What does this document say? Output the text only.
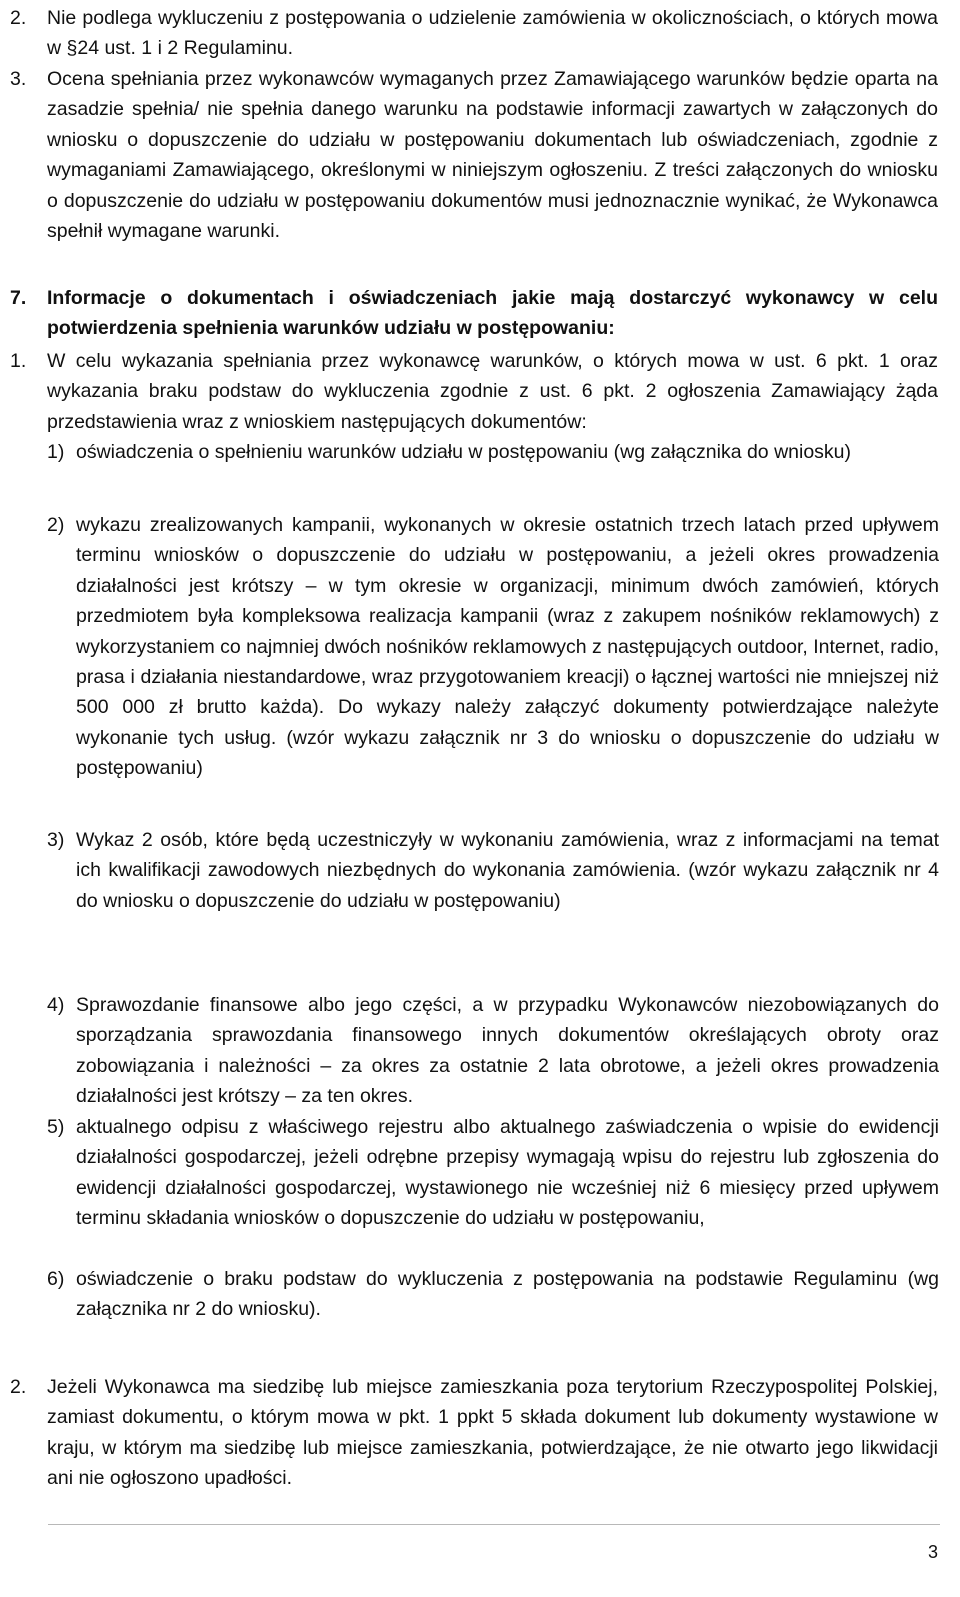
2.	Nie podlega wykluczeniu z postępowania o udzielenie zamówienia w okolicznościach, o których mowa w §24 ust. 1 i 2 Regulaminu.
3.	Ocena spełniania przez wykonawców wymaganych przez Zamawiającego warunków będzie oparta na zasadzie spełnia/ nie spełnia danego warunku na podstawie informacji zawartych w załączonych do wniosku o dopuszczenie do udziału w postępowaniu dokumentach lub oświadczeniach, zgodnie z wymaganiami Zamawiającego, określonymi w niniejszym ogłoszeniu. Z treści załączonych do wniosku o dopuszczenie do udziału w postępowaniu dokumentów musi jednoznacznie wynikać, że Wykonawca spełnił wymagane warunki.
7.	Informacje o dokumentach i oświadczeniach jakie mają dostarczyć wykonawcy w celu potwierdzenia spełnienia warunków udziału w postępowaniu:
1.	W celu wykazania spełniania przez wykonawcę warunków, o których mowa w ust. 6 pkt. 1 oraz wykazania braku podstaw do wykluczenia zgodnie z ust. 6 pkt. 2 ogłoszenia Zamawiający żąda przedstawienia wraz z wnioskiem następujących dokumentów:
1) oświadczenia o spełnieniu warunków udziału w postępowaniu (wg załącznika do wniosku)
2) wykazu zrealizowanych kampanii, wykonanych w okresie ostatnich trzech latach przed upływem terminu wniosków o dopuszczenie do udziału w postępowaniu, a jeżeli okres prowadzenia działalności jest krótszy – w tym okresie w organizacji, minimum dwóch zamówień, których przedmiotem była kompleksowa realizacja kampanii (wraz z zakupem nośników reklamowych) z wykorzystaniem co najmniej dwóch nośników reklamowych z następujących outdoor, Internet, radio, prasa i działania niestandardowe, wraz przygotowaniem kreacji) o łącznej wartości nie mniejszej niż 500 000 zł brutto każda). Do wykazy należy załączyć dokumenty potwierdzające należyte wykonanie tych usług. (wzór wykazu załącznik nr 3 do wniosku o dopuszczenie do udziału w postępowaniu)
3) Wykaz 2 osób, które będą uczestniczyły w wykonaniu zamówienia, wraz z informacjami na temat ich kwalifikacji zawodowych niezbędnych do wykonania zamówienia. (wzór wykazu załącznik nr 4 do wniosku o dopuszczenie do udziału w postępowaniu)
4) Sprawozdanie finansowe albo jego części, a w przypadku Wykonawców niezobowiązanych do sporządzania sprawozdania finansowego innych dokumentów określających obroty oraz zobowiązania i należności – za okres za ostatnie 2 lata obrotowe, a jeżeli okres prowadzenia działalności jest krótszy – za ten okres.
5) aktualnego odpisu z właściwego rejestru albo aktualnego zaświadczenia o wpisie do ewidencji działalności gospodarczej, jeżeli odrębne przepisy wymagają wpisu do rejestru lub zgłoszenia do ewidencji działalności gospodarczej, wystawionego nie wcześniej niż 6 miesięcy przed upływem terminu składania wniosków o dopuszczenie do udziału w postępowaniu,
6) oświadczenie o braku podstaw do wykluczenia z postępowania na podstawie Regulaminu (wg załącznika nr 2 do wniosku).
2.	Jeżeli Wykonawca ma siedzibę lub miejsce zamieszkania poza terytorium Rzeczypospolitej Polskiej, zamiast dokumentu, o którym mowa w pkt. 1 ppkt 5 składa dokument lub dokumenty wystawione w kraju, w którym ma siedzibę lub miejsce zamieszkania, potwierdzające, że nie otwarto jego likwidacji ani nie ogłoszono upadłości.
3
